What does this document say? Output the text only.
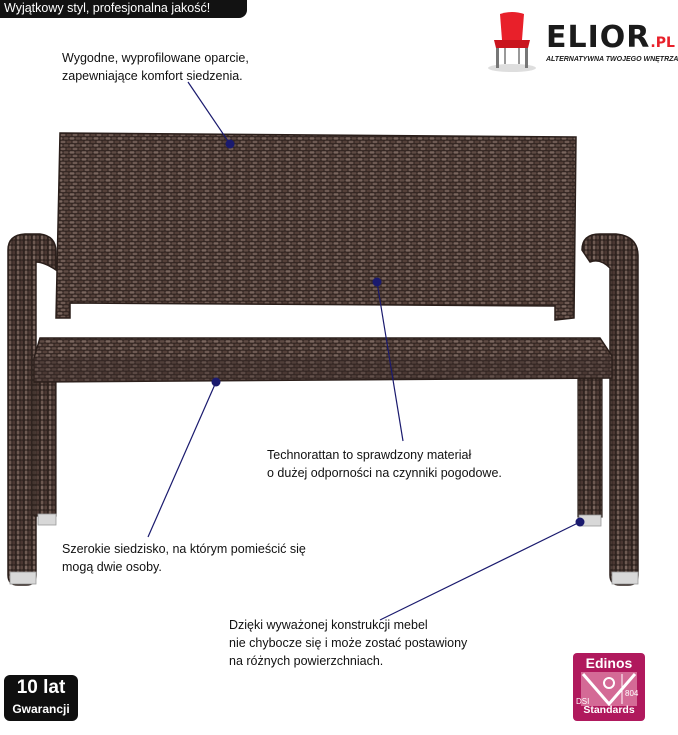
Wyjątkowy styl, profesjonalna jakość!
ELIOR.PL
ALTERNATYWNA TWOJEGO WNĘTRZA
Wygodne, wyprofilowane oparcie,
zapewniające komfort siedzenia.
Technorattan to sprawdzony materiał
o dużej odporności na czynniki pogodowe.
Szerokie siedzisko, na którym pomieścić się
mogą dwie osoby.
Dzięki wyważonej konstrukcji mebel
nie chybocze się i może zostać postawiony
na różnych powierzchniach.
10 lat
Gwarancji
Edinos
DSI
804
Standards
